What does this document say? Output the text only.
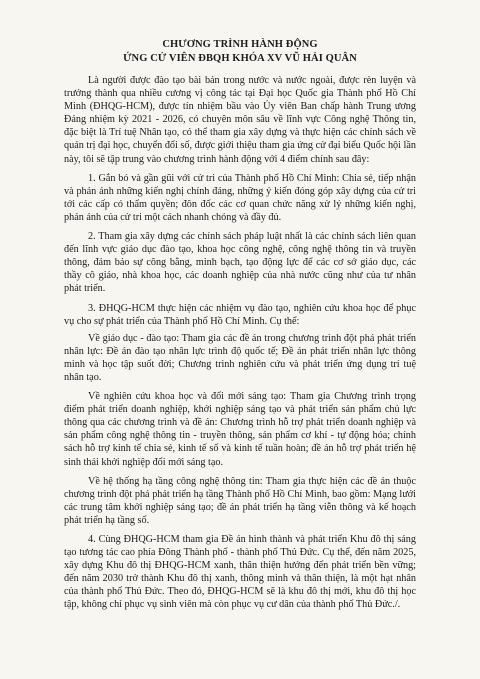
CHƯƠNG TRÌNH HÀNH ĐỘNG
ỨNG CỬ VIÊN ĐBQH KHÓA XV VŨ HẢI QUÂN

Là người được đào tạo bài bản trong nước và nước ngoài, được rèn luyện và trưởng thành qua nhiều cương vị công tác tại Đại học Quốc gia Thành phố Hồ Chí Minh (ĐHQG-HCM), được tín nhiệm bầu vào Ủy viên Ban chấp hành Trung ương Đảng nhiệm kỳ 2021 - 2026, có chuyên môn sâu về lĩnh vực Công nghệ Thông tin, đặc biệt là Trí tuệ Nhân tạo, có thể tham gia xây dựng và thực hiện các chính sách về quản trị đại học, chuyển đổi số, được giới thiệu tham gia ứng cử đại biểu Quốc hội lần này, tôi sẽ tập trung vào chương trình hành động với 4 điểm chính sau đây:

1. Gắn bó và gần gũi với cử tri của Thành phố Hồ Chí Minh: Chia sẻ, tiếp nhận và phản ánh những kiến nghị chính đáng, những ý kiến đóng góp xây dựng của cử tri tới các cấp có thẩm quyền; đôn đốc các cơ quan chức năng xử lý những kiến nghị, phản ánh của cử tri một cách nhanh chóng và đầy đủ.

2. Tham gia xây dựng các chính sách pháp luật nhất là các chính sách liên quan đến lĩnh vực giáo dục đào tạo, khoa học công nghệ, công nghệ thông tin và truyền thông, đảm bảo sự công bằng, minh bạch, tạo động lực để các cơ sở giáo dục, các thầy cô giáo, nhà khoa học, các doanh nghiệp của nhà nước cũng như của tư nhân phát triển.

3. ĐHQG-HCM thực hiện các nhiệm vụ đào tạo, nghiên cứu khoa học để phục vụ cho sự phát triển của Thành phố Hồ Chí Minh. Cụ thể:

Về giáo dục - đào tạo: Tham gia các đề án trong chương trình đột phá phát triển nhân lực: Đề án đào tạo nhân lực trình độ quốc tế; Đề án phát triển nhân lực thông minh và học tập suốt đời; Chương trình nghiên cứu và phát triển ứng dụng trí tuệ nhân tạo.

Về nghiên cứu khoa học và đổi mới sáng tạo: Tham gia Chương trình trọng điểm phát triển doanh nghiệp, khởi nghiệp sáng tạo và phát triển sản phẩm chủ lực thông qua các chương trình và đề án: Chương trình hỗ trợ phát triển doanh nghiệp và sản phẩm công nghệ thông tin - truyền thông, sản phẩm cơ khí - tự động hóa; chính sách hỗ trợ kinh tế chia sẻ, kinh tế số và kinh tế tuần hoàn; đề án hỗ trợ phát triển hệ sinh thái khởi nghiệp đổi mới sáng tạo.

Về hệ thống hạ tầng công nghệ thông tin: Tham gia thực hiện các đề án thuộc chương trình đột phá phát triển hạ tầng Thành phố Hồ Chí Minh, bao gồm: Mạng lưới các trung tâm khởi nghiệp sáng tạo; đề án phát triển hạ tầng viễn thông và kế hoạch phát triển hạ tầng số.

4. Cùng ĐHQG-HCM tham gia Đề án hình thành và phát triển Khu đô thị sáng tạo tương tác cao phía Đông Thành phố - thành phố Thủ Đức. Cụ thể, đến năm 2025, xây dựng Khu đô thị ĐHQG-HCM xanh, thân thiện hướng đến phát triển bền vững; đến năm 2030 trở thành Khu đô thị xanh, thông minh và thân thiện, là một hạt nhân của thành phố Thủ Đức. Theo đó, ĐHQG-HCM sẽ là khu đô thị mới, khu đô thị học tập, không chỉ phục vụ sinh viên mà còn phục vụ cư dân của thành phố Thủ Đức./.
